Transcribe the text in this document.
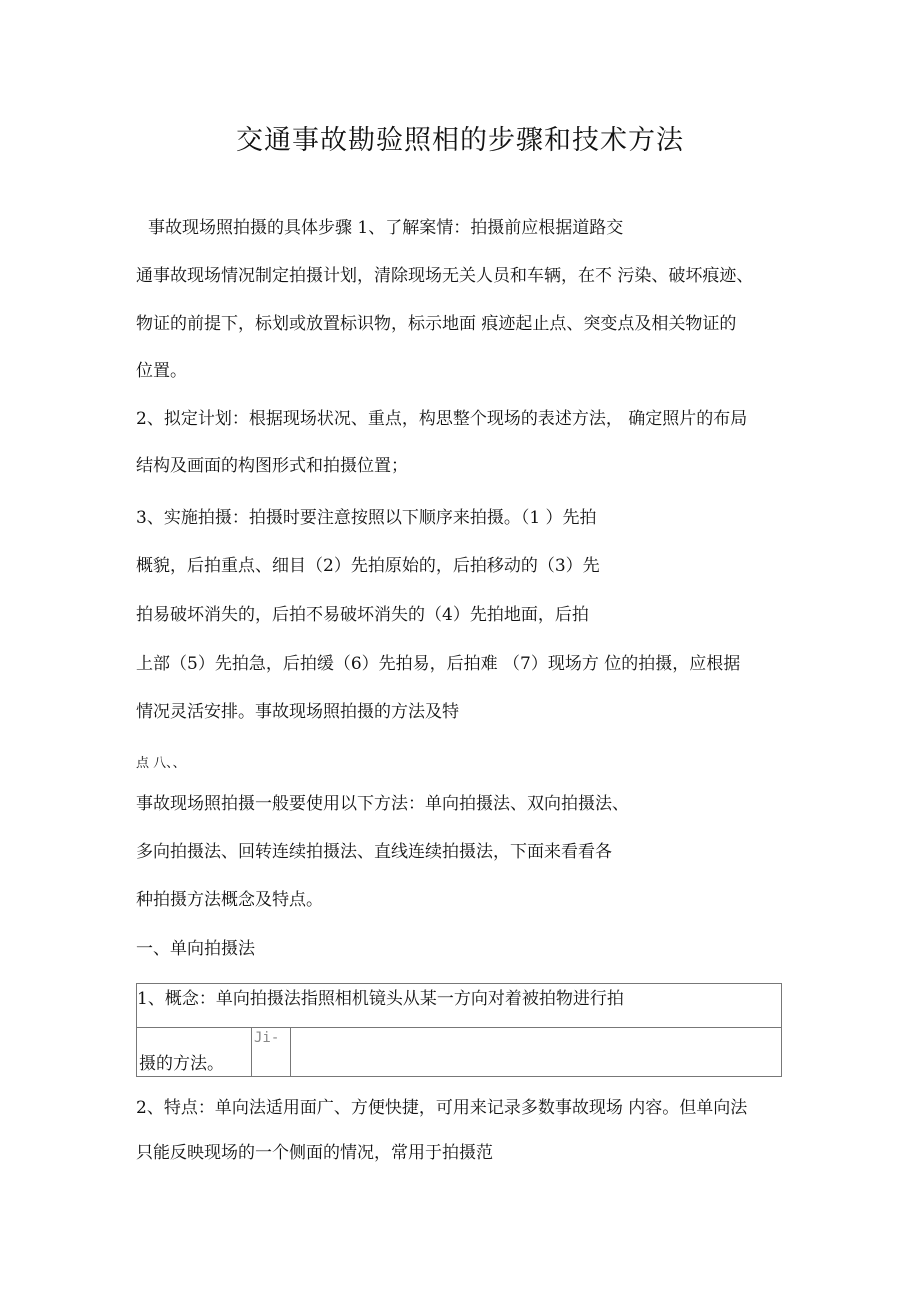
交通事故勘验照相的步骤和技术方法

事故现场照拍摄的具体步骤 1、了解案情：拍摄前应根据道路交

通事故现场情况制定拍摄计划，清除现场无关人员和车辆，在不 污染、破坏痕迹、

物证的前提下，标划或放置标识物，标示地面 痕迹起止点、突变点及相关物证的

位置。

2、拟定计划：根据现场状况、重点，构思整个现场的表述方法， 确定照片的布局

结构及画面的构图形式和拍摄位置；

3、实施拍摄：拍摄时要注意按照以下顺序来拍摄。（1 ）先拍

概貌，后拍重点、细目（2）先拍原始的，后拍移动的（3）先

拍易破坏消失的，后拍不易破坏消失的（4）先拍地面，后拍

上部（5）先拍急，后拍缓（6）先拍易，后拍难 （7）现场方 位的拍摄，应根据

情况灵活安排。事故现场照拍摄的方法及特

点 八、、

事故现场照拍摄一般要使用以下方法：单向拍摄法、双向拍摄法、

多向拍摄法、回转连续拍摄法、直线连续拍摄法，下面来看看各

种拍摄方法概念及特点。

一、单向拍摄法

1、概念：单向拍摄法指照相机镜头从某一方向对着被拍物进行拍

摄的方法。
	Ji-	

2、特点：单向法适用面广、方便快捷，可用来记录多数事故现场 内容。但单向法

只能反映现场的一个侧面的情况，常用于拍摄范
